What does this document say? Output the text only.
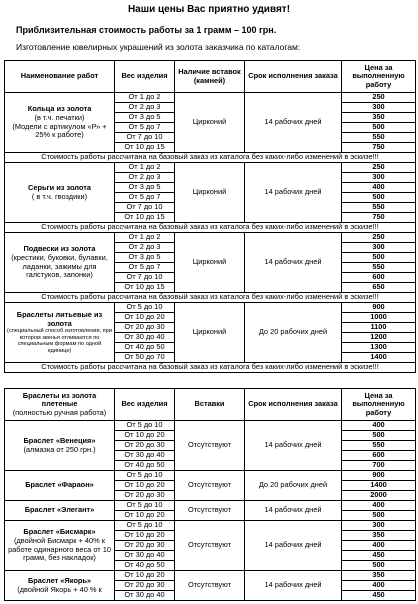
Наши цены Вас приятно удивят!
Приблизительная стоимость работы за 1 грамм – 100 грн.
Изготовление ювелирных украшений из золота заказчика по каталогам:
Наименование работ	Вес изделия	Наличие вставок (камней)	Срок исполнения заказа	Цена за выполненную работу
Кольца из золота
(в т.ч. печатки)
(Модели с артикулом «Р» + 25% к работе)	От 1 до 2	Цирконий	14 рабочих дней	250
	От 2 до 3			300
	От 3 до 5			350
	От 5 до 7			500
	От 7 до 10			550
	От 10 до 15			750
Стоимость работы рассчитана на базовый заказ из каталога без каких-либо изменений в эскизе!!!				
Серьги из золота
( в т.ч. гвоздики)	От 1 до 2	Цирконий	14 рабочих дней	250
	От 2 до 3			300
	От 3 до 5			400
	От 5 до 7			500
	От 7 до 10			550
	От 10 до 15			750
Стоимость работы рассчитана на базовый заказ из каталога без каких-либо изменений в эскизе!!!				
Подвески из золота
(крестики, буковки, булавки, ладанки, зажимы для галстуков, запонки)	От 1 до 2	Цирконий	14 рабочих дней	250
	От 2 до 3			300
	От 3 до 5			500
	От 5 до 7			550
	От 7 до 10			600
	От 10 до 15			650
Стоимость работы рассчитана на базовый заказ из каталога без каких-либо изменений в эскизе!!!				
Браслеты литьевые из золота
(специальный способ изготовления, при котором звенья отливаются по специальным формам по одной единице)	От 5 до 10	Цирконий	До 20 рабочих дней	900
	От 10 до 20			1000
	От 20 до 30			1100
	От 30 до 40			1200
	От 40 до 50			1300
	От 50 до 70			1400
Стоимость работы рассчитана на базовый заказ из каталога без каких-либо изменений в эскизе!!!				
Браслеты из золота плетеные
(полностью ручная работа)	Вес изделия	Вставки	Срок исполнения заказа	Цена за выполненную работу
Браслет «Венеция»
(алмазка от 250 грн.)	От 5 до 10	Отсутствуют	14 рабочих дней	400
	От 10 до 20			500
	От 20 до 30			550
	От 30 до 40			600
	От 40 до 50			700
Браслет «Фараон»	От 5 до 10	Отсутствуют	До 20 рабочих дней	900
	От 10 до 20			1400
	От 20 до 30			2000
Браслет «Элегант»	От 5 до 10	Отсутствуют	14 рабочих дней	400
	От 10 до 20			500
Браслет «Бисмарк»
(двойной Бисмарк + 40% к работе одинарного веса от 10 грамм, без накладок)	От 5 до 10	Отсутствуют	14 рабочих дней	300
	От 10 до 20			350
	От 20 до 30			400
	От 30 до 40			450
	От 40 до 50			500
Браслет «Якорь»
(двойной Якорь + 40 % к	От 10 до 20	Отсутствуют	14 рабочих дней	350
	От 20 до 30			400
	От 30 до 40			450
